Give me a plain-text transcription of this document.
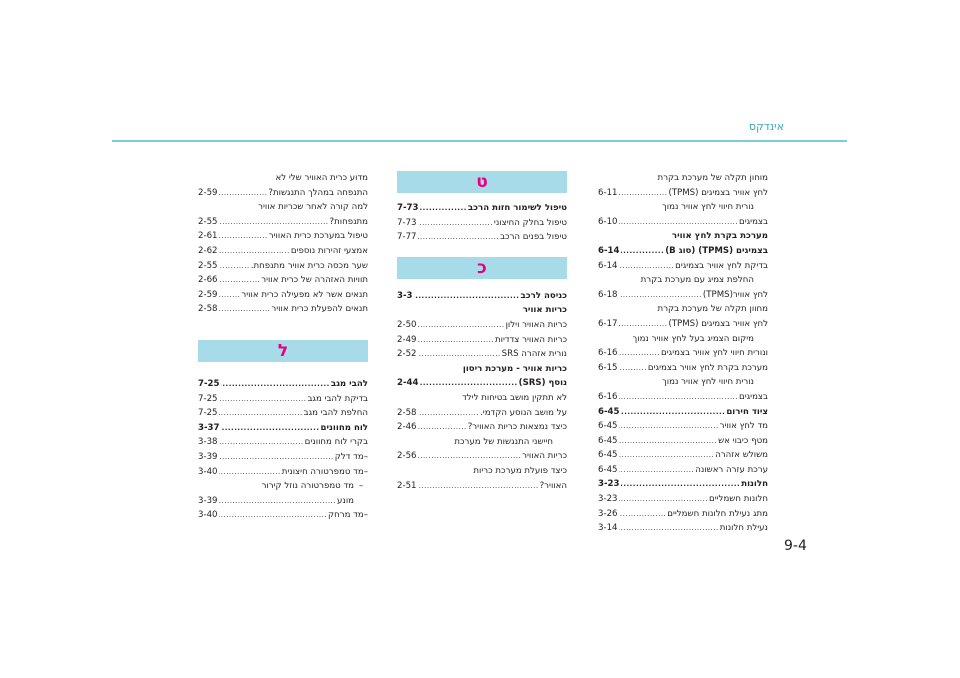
אינדקס
9-4
מוחון תקלה של מערכת בקרת
לחץ אוויר בצמיגים (TPMS)
.....
6-11
נורית חיווי לחץ אוויר נמוך
בצמיגים
.....
6-10
מערכת בקרת לחץ אוויר
בצמיגים (TPMS) (סוג B)
.....
6-14
בדיקת לחץ אוויר בצמיגים
.....
6-14
החלפת צמיג עם מערכת בקרת
לחץ אוויר(TPMS)
.....
6-18
מחוון תקלה של מערכת בקרת
לחץ אוויר בצמיגים (TPMS)
.....
6-17
מיקום הצמיג בעל לחץ אוויר נמוך
ונורית חיווי לחץ אוויר בצמיגים
.....
6-16
מערכת בקרת לחץ אוויר בצמיגים
.....
6-15
נורית חיווי לחץ אוויר נמוך
בצמיגים
.....
6-16
ציוד חירום
.....
6-45
מד לחץ אוויר
.....
6-45
מטף כיבוי אש
.....
6-45
משולש אזהרה
.....
6-45
ערכת עזרה ראשונה
.....
6-45
חלונות
.....
3-23
חלונות חשמליים
.....
3-23
מתג נעילת חלונות חשמליים
.....
3-26
נעילת חלונות
.....
3-14
ט
טיפול לשימור חזות הרכב
.....
7-73
טיפול בחלק החיצוני
.....
7-73
טיפול בפנים הרכב
.....
7-77
כ
כניסה לרכב
.....
3-3
כריות אוויר
כריות האוויר וילון
.....
2-50
כריות האוויר צדדיות
.....
2-49
נורית אזהרה SRS
.....
2-52
כריות אוויר - מערכת ריסון
נוסף (SRS)
.....
2-44
לא תתקין מושב בטיחות לילד
על מושב הנוסע הקדמי.
.....
2-58
כיצד נמצאות כריות האוויר?
.....
2-46
חיישני התנגשות של מערכת
כריות האוויר
.....
2-56
כיצד פועלת מערכת כריות
האוויר?
.....
2-51
מדוע כרית האוויר שלי לא
התנפחה במהלך התנגשות?
.....
2-59
למה קורה לאחר שכריות אוויר
מתנפחות?
.....
2-55
טיפול במערכת כרית האוויר
.....
2-61
אמצעי זהירות נוספים
.....
2-62
שער מכסה כרית אוויר מתנפחת.
.....
2-55
תוויות האזהרה של כרית אוויר
.....
2-66
תנאים אשר לא מפעילה כרית אוויר
.....
2-59
תנאים להפעלת כרית אוויר
.....
2-58
ל
להבי מגב
.....
7-25
בדיקת להבי מגב
.....
7-25
החלפת להבי מגב
.....
7-25
לוח מחוונים
.....
3-37
בקרי לוח מחוונים
.....
3-38
–
מד דלק
.....
3-39
–
מד טמפרטורה חיצונית
.....
3-40
–מד טמפרטורה נוזל קירור
מונע
.....
3-39
–
מד מרחק
.....
3-40
